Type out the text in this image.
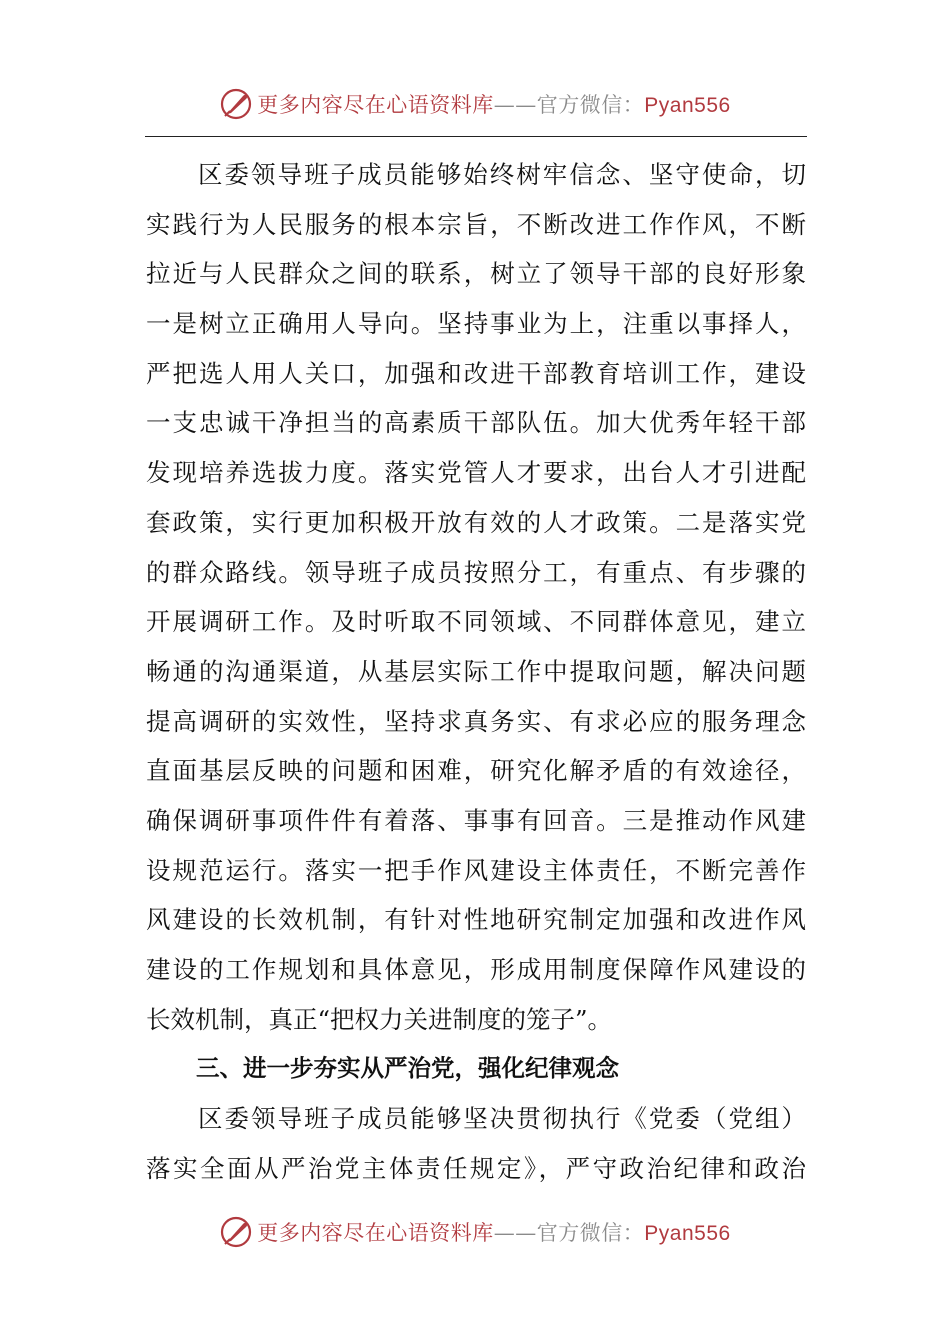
更多内容尽在心语资料库——官方微信：Pyan556
区委领导班子成员能够始终树牢信念、坚守使命，切
实践行为人民服务的根本宗旨，不断改进工作作风，不断
拉近与人民群众之间的联系，树立了领导干部的良好形象
一是树立正确用人导向。坚持事业为上，注重以事择人，
严把选人用人关口，加强和改进干部教育培训工作，建设
一支忠诚干净担当的高素质干部队伍。加大优秀年轻干部
发现培养选拔力度。落实党管人才要求，出台人才引进配
套政策，实行更加积极开放有效的人才政策。二是落实党
的群众路线。领导班子成员按照分工，有重点、有步骤的
开展调研工作。及时听取不同领域、不同群体意见，建立
畅通的沟通渠道，从基层实际工作中提取问题，解决问题
提高调研的实效性，坚持求真务实、有求必应的服务理念
直面基层反映的问题和困难，研究化解矛盾的有效途径，
确保调研事项件件有着落、事事有回音。三是推动作风建
设规范运行。落实一把手作风建设主体责任，不断完善作
风建设的长效机制，有针对性地研究制定加强和改进作风
建设的工作规划和具体意见，形成用制度保障作风建设的
长效机制，真正“把权力关进制度的笼子”。
三、进一步夯实从严治党，强化纪律观念
区委领导班子成员能够坚决贯彻执行《党委（党组）
落实全面从严治党主体责任规定》，严守政治纪律和政治
更多内容尽在心语资料库——官方微信：Pyan556
